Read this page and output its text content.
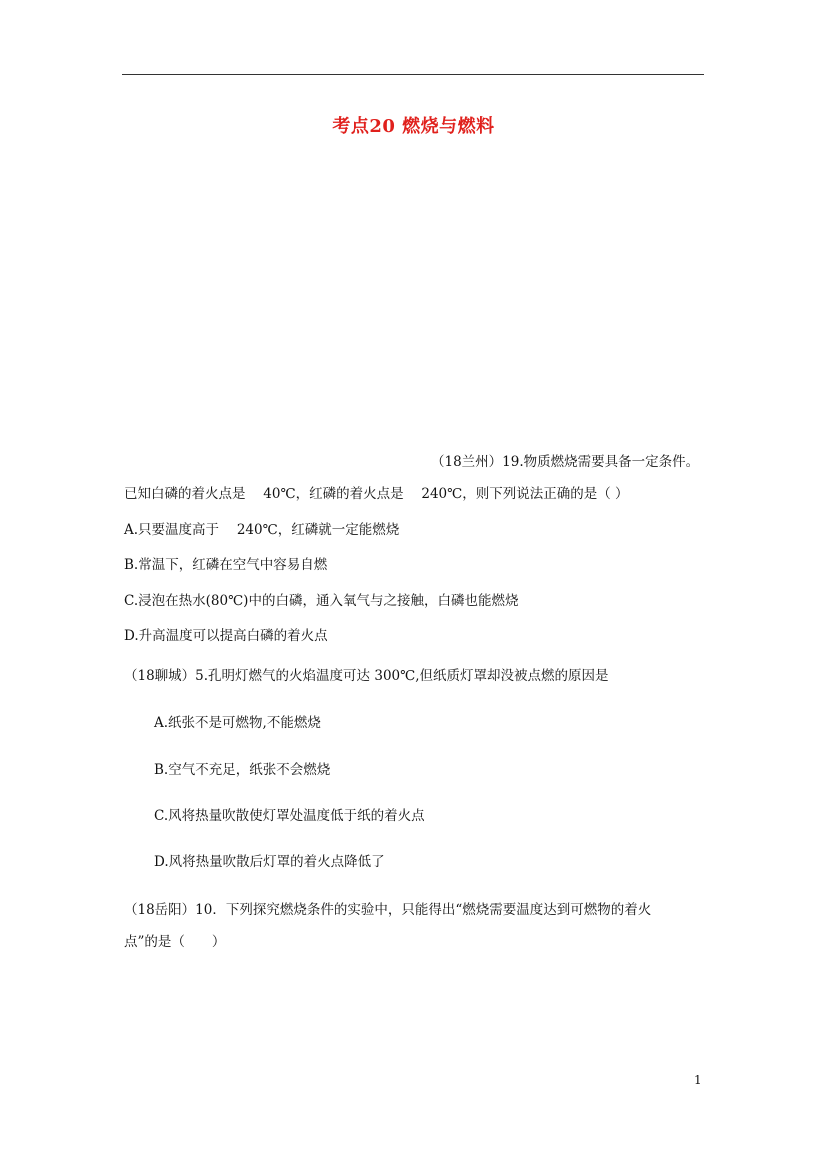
考点20 燃烧与燃料
（18兰州）19.物质燃烧需要具备一定条件。
已知白磷的着火点是　 40℃，红磷的着火点是　 240℃，则下列说法正确的是（ ）
A.只要温度高于　 240℃，红磷就一定能燃烧
B.常温下，红磷在空气中容易自燃
C.浸泡在热水(80℃)中的白磷，通入氧气与之接触，白磷也能燃烧
D.升高温度可以提高白磷的着火点
（18聊城）5.孔明灯燃气的火焰温度可达 300℃,但纸质灯罩却没被点燃的原因是
A.纸张不是可燃物,不能燃烧
B.空气不充足，纸张不会燃烧
C.风将热量吹散使灯罩处温度低于纸的着火点
D.风将热量吹散后灯罩的着火点降低了
（18岳阳）10．下列探究燃烧条件的实验中，只能得出“燃烧需要温度达到可燃物的着火
点”的是（　　）
1
